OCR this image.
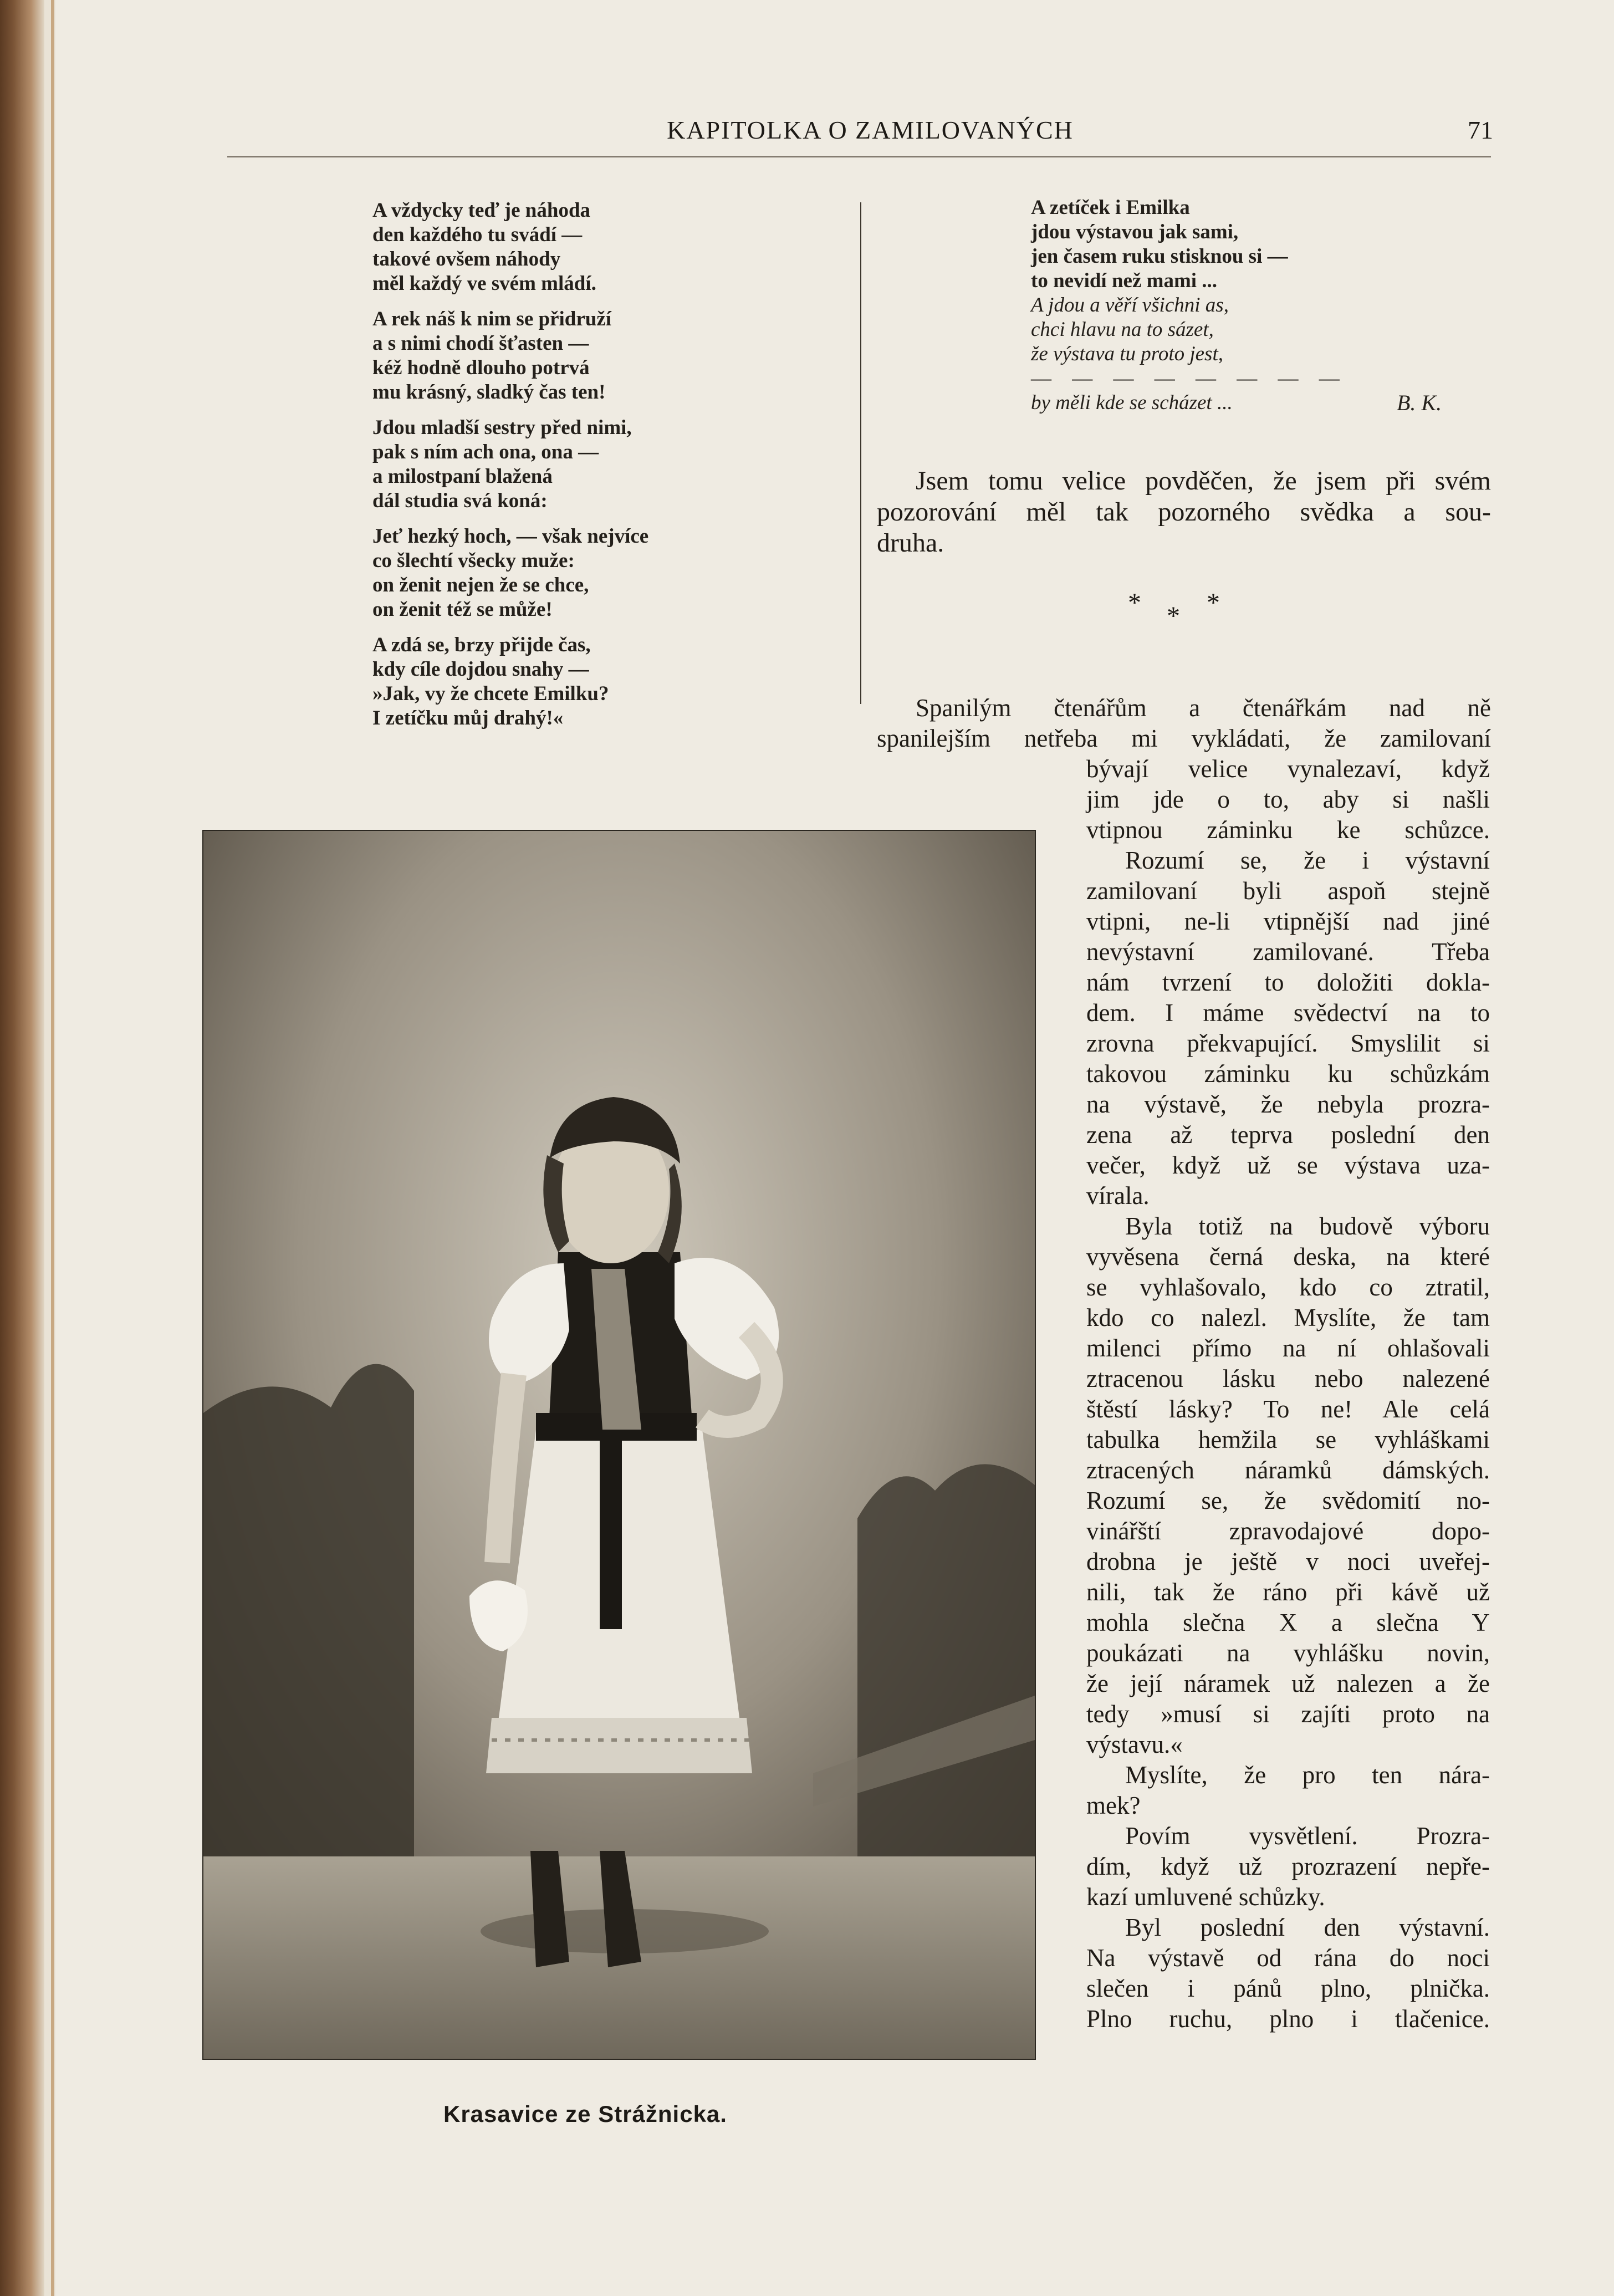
KAPITOLKA O ZAMILOVANÝCH	71
A vždycky teď je náhoda
den každého tu svádí —
takové ovšem náhody
měl každý ve svém mládí.
A rek náš k nim se přidruží
a s nimi chodí šťasten —
kéž hodně dlouho potrvá
mu krásný, sladký čas ten!
Jdou mladší sestry před nimi,
pak s ním ach ona, ona —
a milostpaní blažená
dál studia svá koná:
Jeť hezký hoch, — však nejvíce
co šlechtí všecky muže:
on ženit nejen že se chce,
on ženit též se může!
A zdá se, brzy přijde čas,
kdy cíle dojdou snahy —
»Jak, vy že chcete Emilku?
I zetíčku můj drahý!«
A zetíček i Emilka
jdou výstavou jak sami,
jen časem ruku stisknou si —
to nevidí než mami ...
A jdou a věří všichni as,
chci hlavu na to sázet,
že výstava tu proto jest,
— — — — — — — —
by měli kde se scházet ...	B. K.
Jsem tomu velice povděčen, že jsem při svém
pozorování měl tak pozorného svědka a sou-
druha.
* * *
Spanilým čtenářům a čtenářkám nad ně
spanilejším netřeba mi vykládati, že zamilovaní
bývají velice vynalezaví, když
jim jde o to, aby si našli
vtipnou záminku ke schůzce.
Rozumí se, že i výstavní
zamilovaní byli aspoň stejně
vtipni, ne-li vtipnější nad jiné
nevýstavní zamilované. Třeba
nám tvrzení to doložiti doklа-
dem. I máme svědectví na to
zrovna překvapující. Smyslilit si
takovou záminku ku schůzkám
na výstavě, že nebyla prozra-
zena až teprva poslední den
večer, když už se výstava uza-
vírala.
Byla totiž na budově výboru
vyvěsena černá deska, na které
se vyhlašovalo, kdo co ztratil,
kdo co nalezl. Myslíte, že tam
milenci přímo na ní ohlašovali
ztracenou lásku nebo nalezené
štěstí lásky? To ne! Ale celá
tabulka hemžila se vyhláškami
ztracených náramků dámských.
Rozumí se, že svědomití no-
vinářští zpravodajové dopo-
drobna je ještě v noci uveřej-
nili, tak že ráno při kávě už
mohla slečna X a slečna Y
poukázati na vyhlášku novin,
že její náramek už nalezen a že
tedy »musí si zajíti proto na
výstavu.«
Myslíte, že pro ten nára-
mek?
Povím vysvětlení. Prozra-
dím, když už prozrazení nepře-
kazí umluvené schůzky.
Byl poslední den výstavní.
Na výstavě od rána do noci
slečen i pánů plno, plnička.
Plno ruchu, plno i tlačenice.
Krasavice ze Strážnicka.
